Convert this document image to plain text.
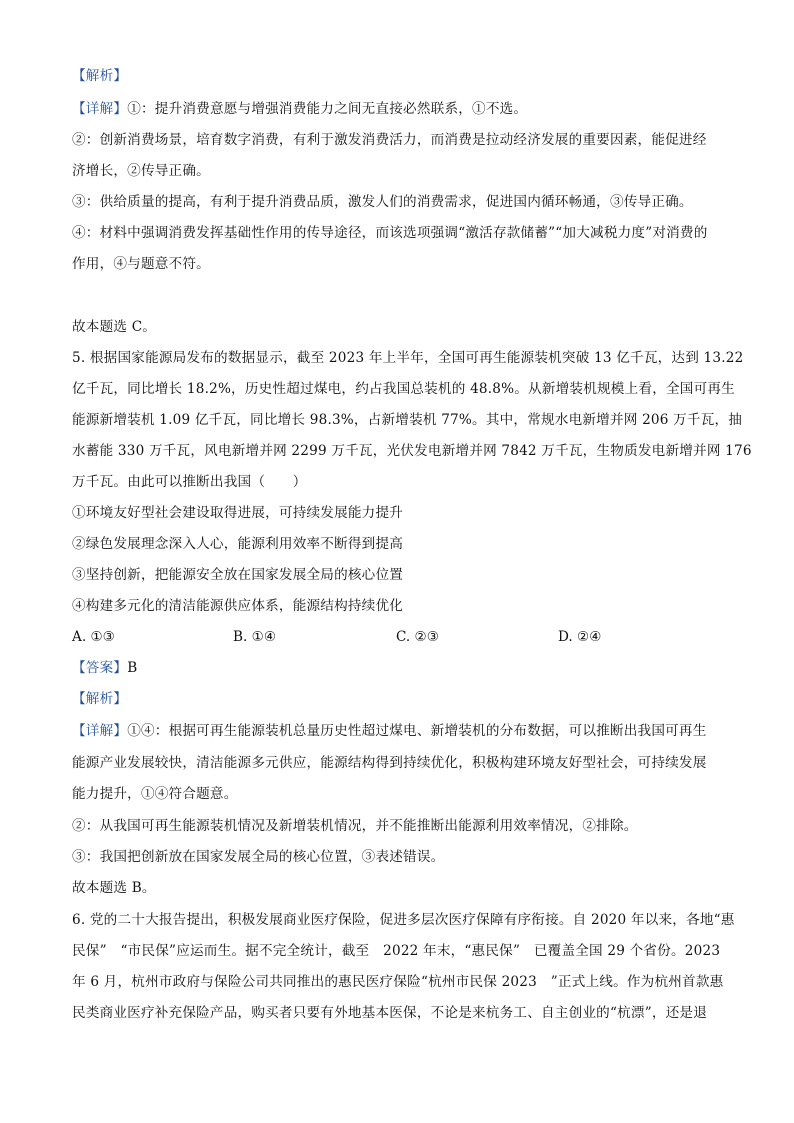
【解析】
【详解】①：提升消费意愿与增强消费能力之间无直接必然联系，①不选。
②：创新消费场景，培育数字消费，有利于激发消费活力，而消费是拉动经济发展的重要因素，能促进经
济增长，②传导正确。
③：供给质量的提高，有利于提升消费品质，激发人们的消费需求，促进国内循环畅通，③传导正确。
④：材料中强调消费发挥基础性作用的传导途径，而该选项强调“激活存款储蓄”“加大减税力度”对消费的
作用，④与题意不符。
故本题选 C。
5. 根据国家能源局发布的数据显示，截至 2023 年上半年，全国可再生能源装机突破 13 亿千瓦，达到 13.22
亿千瓦，同比增长 18.2%，历史性超过煤电，约占我国总装机的 48.8%。从新增装机规模上看，全国可再生
能源新增装机 1.09 亿千瓦，同比增长 98.3%，占新增装机 77%。其中，常规水电新增并网 206 万千瓦，抽
水蓄能 330 万千瓦，风电新增并网 2299 万千瓦，光伏发电新增并网 7842 万千瓦，生物质发电新增并网 176
万千瓦。由此可以推断出我国（　　）
①环境友好型社会建设取得进展，可持续发展能力提升
②绿色发展理念深入人心，能源利用效率不断得到提高
③坚持创新，把能源安全放在国家发展全局的核心位置
④构建多元化的清洁能源供应体系，能源结构持续优化
A. ①③	B. ①④	C. ②③	D. ②④
【答案】B
【解析】
【详解】①④：根据可再生能源装机总量历史性超过煤电、新增装机的分布数据，可以推断出我国可再生
能源产业发展较快，清洁能源多元供应，能源结构得到持续优化，积极构建环境友好型社会，可持续发展
能力提升，①④符合题意。
②：从我国可再生能源装机情况及新增装机情况，并不能推断出能源利用效率情况，②排除。
③：我国把创新放在国家发展全局的核心位置，③表述错误。
故本题选 B。
6. 党的二十大报告提出，积极发展商业医疗保险，促进多层次医疗保障有序衔接。自 2020 年以来，各地“惠
民保”　“市民保”应运而生。据不完全统计，截至　2022 年末，“惠民保”　已覆盖全国 29 个省份。2023
年 6 月，杭州市政府与保险公司共同推出的惠民医疗保险“杭州市民保 2023　”正式上线。作为杭州首款惠
民类商业医疗补充保险产品，购买者只要有外地基本医保，不论是来杭务工、自主创业的“杭漂”，还是退
